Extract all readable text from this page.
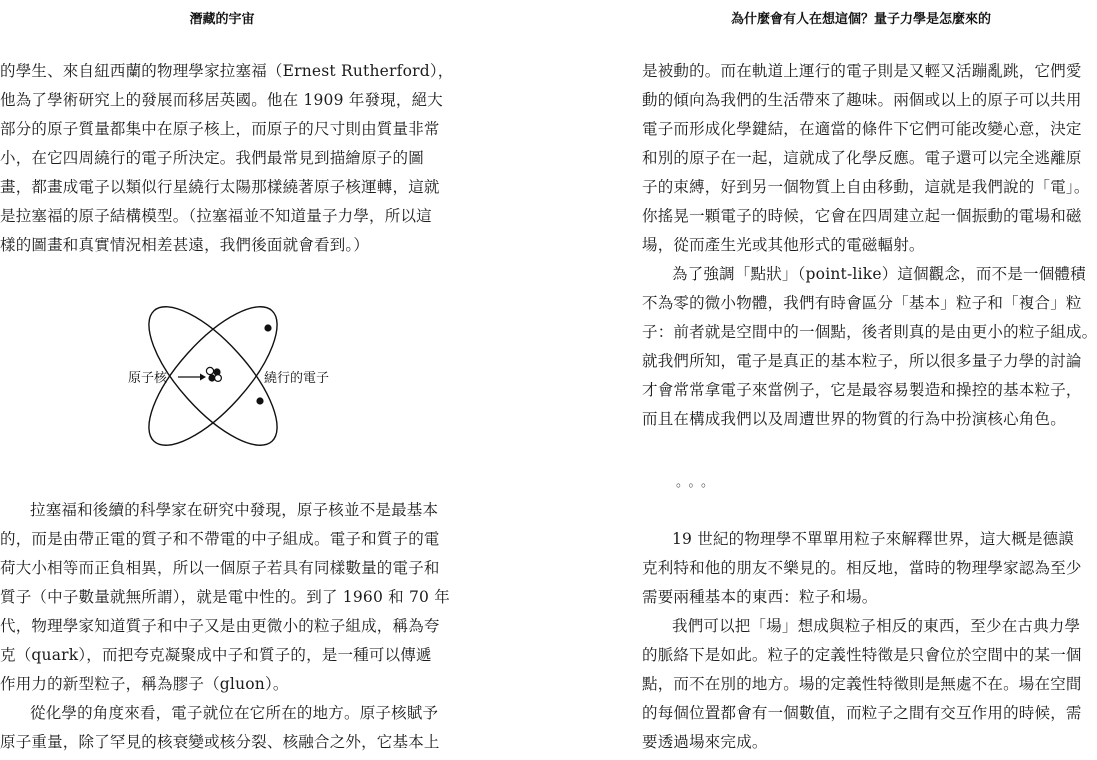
潛藏的宇宙	為什麼會有人在想這個？量子力學是怎麼來的
的學生、來自紐西蘭的物理學家拉塞福（Ernest Rutherford），
他為了學術研究上的發展而移居英國。他在 1909 年發現，絕大
部分的原子質量都集中在原子核上，而原子的尺寸則由質量非常
小，在它四周繞行的電子所決定。我們最常見到描繪原子的圖
畫，都畫成電子以類似行星繞行太陽那樣繞著原子核運轉，這就
是拉塞福的原子結構模型。（拉塞福並不知道量子力學，所以這
樣的圖畫和真實情況相差甚遠，我們後面就會看到。）
原子核	繞行的電子
拉塞福和後續的科學家在研究中發現，原子核並不是最基本
的，而是由帶正電的質子和不帶電的中子組成。電子和質子的電
荷大小相等而正負相異，所以一個原子若具有同樣數量的電子和
質子（中子數量就無所謂），就是電中性的。到了 1960 和 70 年
代，物理學家知道質子和中子又是由更微小的粒子組成，稱為夸
克（quark），而把夸克凝聚成中子和質子的，是一種可以傳遞
作用力的新型粒子，稱為膠子（gluon）。
從化學的角度來看，電子就位在它所在的地方。原子核賦予
原子重量，除了罕見的核衰變或核分裂、核融合之外，它基本上
是被動的。而在軌道上運行的電子則是又輕又活蹦亂跳，它們愛
動的傾向為我們的生活帶來了趣味。兩個或以上的原子可以共用
電子而形成化學鍵結，在適當的條件下它們可能改變心意，決定
和別的原子在一起，這就成了化學反應。電子還可以完全逃離原
子的束縛，好到另一個物質上自由移動，這就是我們說的「電」。
你搖晃一顆電子的時候，它會在四周建立起一個振動的電場和磁
場，從而產生光或其他形式的電磁輻射。
為了強調「點狀」（point-like）這個觀念，而不是一個體積
不為零的微小物體，我們有時會區分「基本」粒子和「複合」粒
子：前者就是空間中的一個點，後者則真的是由更小的粒子組成。
就我們所知，電子是真正的基本粒子，所以很多量子力學的討論
才會常常拿電子來當例子，它是最容易製造和操控的基本粒子，
而且在構成我們以及周遭世界的物質的行為中扮演核心角色。
。。。
19 世紀的物理學不單單用粒子來解釋世界，這大概是德謨
克利特和他的朋友不樂見的。相反地，當時的物理學家認為至少
需要兩種基本的東西：粒子和場。
我們可以把「場」想成與粒子相反的東西，至少在古典力學
的脈絡下是如此。粒子的定義性特徵是只會位於空間中的某一個
點，而不在別的地方。場的定義性特徵則是無處不在。場在空間
的每個位置都會有一個數值，而粒子之間有交互作用的時候，需
要透過場來完成。
